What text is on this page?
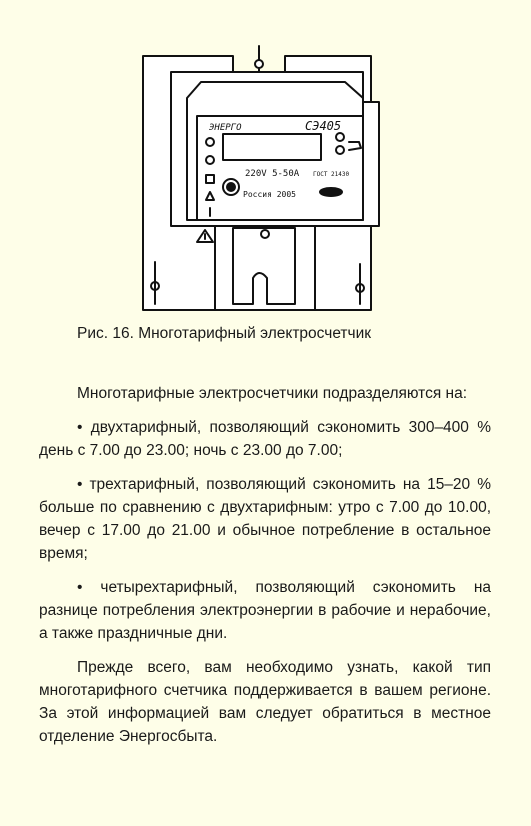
ЭНЕРГО	СЭ405
220V 5-50A
Россия 2005
ГОСТ 21430
Рис. 16. Многотарифный электросчетчик

Многотарифные электросчетчики подразделяются на:

• двухтарифный, позволяющий сэкономить 300–400 % день с 7.00 до 23.00; ночь с 23.00 до 7.00;

• трехтарифный, позволяющий сэкономить на 15–20 % больше по сравнению с двухтарифным: утро с 7.00 до 10.00, вечер с 17.00 до 21.00 и обычное потребление в остальное время;

• четырехтарифный, позволяющий сэкономить на разнице потребления электроэнергии в рабочие и нерабочие, а также праздничные дни.

Прежде всего, вам необходимо узнать, какой тип многотарифного счетчика поддерживается в вашем регионе. За этой информацией вам следует обратиться в местное отделение Энергосбыта.
